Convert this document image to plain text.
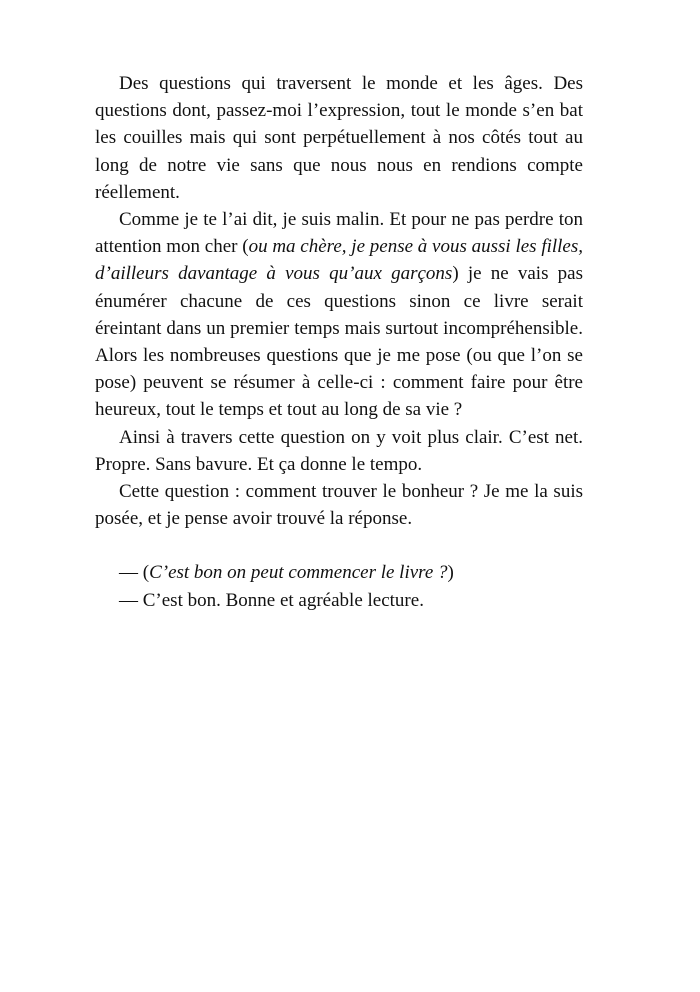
Des questions qui traversent le monde et les âges. Des questions dont, passez-moi l’expression, tout le monde s’en bat les couilles mais qui sont perpétuellement à nos côtés tout au long de notre vie sans que nous nous en rendions compte réellement.

Comme je te l’ai dit, je suis malin. Et pour ne pas perdre ton attention mon cher (ou ma chère, je pense à vous aussi les filles, d’ailleurs davantage à vous qu’aux garçons) je ne vais pas énumérer chacune de ces questions sinon ce livre serait éreintant dans un premier temps mais surtout incompréhensible. Alors les nombreuses questions que je me pose (ou que l’on se pose) peuvent se résumer à celle-ci : comment faire pour être heureux, tout le temps et tout au long de sa vie ?

Ainsi à travers cette question on y voit plus clair. C’est net. Propre. Sans bavure. Et ça donne le tempo.

Cette question : comment trouver le bonheur ? Je me la suis posée, et je pense avoir trouvé la réponse.

— (C’est bon on peut commencer le livre ?)

— C’est bon. Bonne et agréable lecture.
